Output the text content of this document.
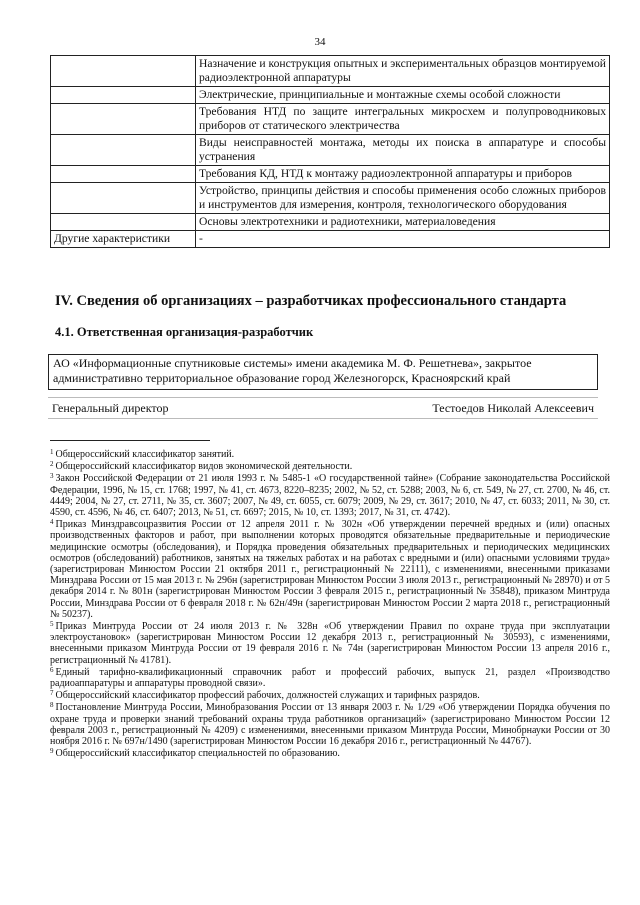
34
	Назначение и конструкция опытных и экспериментальных образцов монтируемой радиоэлектронной аппаратуры
	Электрические, принципиальные и монтажные схемы особой сложности
	Требования НТД по защите интегральных микросхем и полупроводниковых приборов от статического электричества
	Виды неисправностей монтажа, методы их поиска в аппаратуре и способы устранения
	Требования КД, НТД к монтажу радиоэлектронной аппаратуры и приборов
	Устройство, принципы действия и способы применения особо сложных приборов и инструментов для измерения, контроля, технологического оборудования
	Основы электротехники и радиотехники, материаловедения
Другие характеристики	-
IV. Сведения об организациях – разработчиках профессионального стандарта
4.1. Ответственная организация-разработчик
АО «Информационные спутниковые системы» имени академика М. Ф. Решетнева», закрытое административно территориальное образование город Железногорск, Красноярский край
Генеральный директор	Тестоедов Николай Алексеевич

$^1$ Общероссийский классификатор занятий.

$^2$ Общероссийский классификатор видов экономической деятельности.

$^3$ Закон Российской Федерации от 21 июля 1993 г. № 5485-1 «О государственной тайне» (Собрание законодательства Российской Федерации, 1996, № 15, ст. 1768; 1997, № 41, ст. 4673, 8220–8235; 2002, № 52, ст. 5288; 2003, № 6, ст. 549, № 27, ст. 2700, № 46, ст. 4449; 2004, № 27, ст. 2711, № 35, ст. 3607; 2007, № 49, ст. 6055, ст. 6079; 2009, № 29, ст. 3617; 2010, № 47, ст. 6033; 2011, № 30, ст. 4590, ст. 4596, № 46, ст. 6407; 2013, № 51, ст. 6697; 2015, № 10, ст. 1393; 2017, № 31, ст. 4742).

$^4$ Приказ Минздравсоцразвития России от 12 апреля 2011 г. № 302н «Об утверждении перечней вредных и (или) опасных производственных факторов и работ, при выполнении которых проводятся обязательные предварительные и периодические медицинские осмотры (обследования), и Порядка проведения обязательных предварительных и периодических медицинских осмотров (обследований) работников, занятых на тяжелых работах и на работах с вредными и (или) опасными условиями труда» (зарегистрирован Минюстом России 21 октября 2011 г., регистрационный № 22111), с изменениями, внесенными приказами Минздрава России от 15 мая 2013 г. № 296н (зарегистрирован Минюстом России 3 июля 2013 г., регистрационный № 28970) и от 5 декабря 2014 г. № 801н (зарегистрирован Минюстом России 3 февраля 2015 г., регистрационный № 35848), приказом Минтруда России, Минздрава России от 6 февраля 2018 г. № 62н/49н (зарегистрирован Минюстом России 2 марта 2018 г., регистрационный № 50237).

$^5$ Приказ Минтруда России от 24 июля 2013 г. № 328н «Об утверждении Правил по охране труда при эксплуатации электроустановок» (зарегистрирован Минюстом России 12 декабря 2013 г., регистрационный № 30593), с изменениями, внесенными приказом Минтруда России от 19 февраля 2016 г. № 74н (зарегистрирован Минюстом России 13 апреля 2016 г., регистрационный № 41781).

$^6$ Единый тарифно-квалификационный справочник работ и профессий рабочих, выпуск 21, раздел «Производство радиоаппаратуры и аппаратуры проводной связи».

$^7$ Общероссийский классификатор профессий рабочих, должностей служащих и тарифных разрядов.

$^8$ Постановление Минтруда России, Минобразования России от 13 января 2003 г. № 1/29 «Об утверждении Порядка обучения по охране труда и проверки знаний требований охраны труда работников организаций» (зарегистрировано Минюстом России 12 февраля 2003 г., регистрационный № 4209) с изменениями, внесенными приказом Минтруда России, Минобрнауки России от 30 ноября 2016 г. № 697н/1490 (зарегистрирован Минюстом России 16 декабря 2016 г., регистрационный № 44767).

$^9$ Общероссийский классификатор специальностей по образованию.
